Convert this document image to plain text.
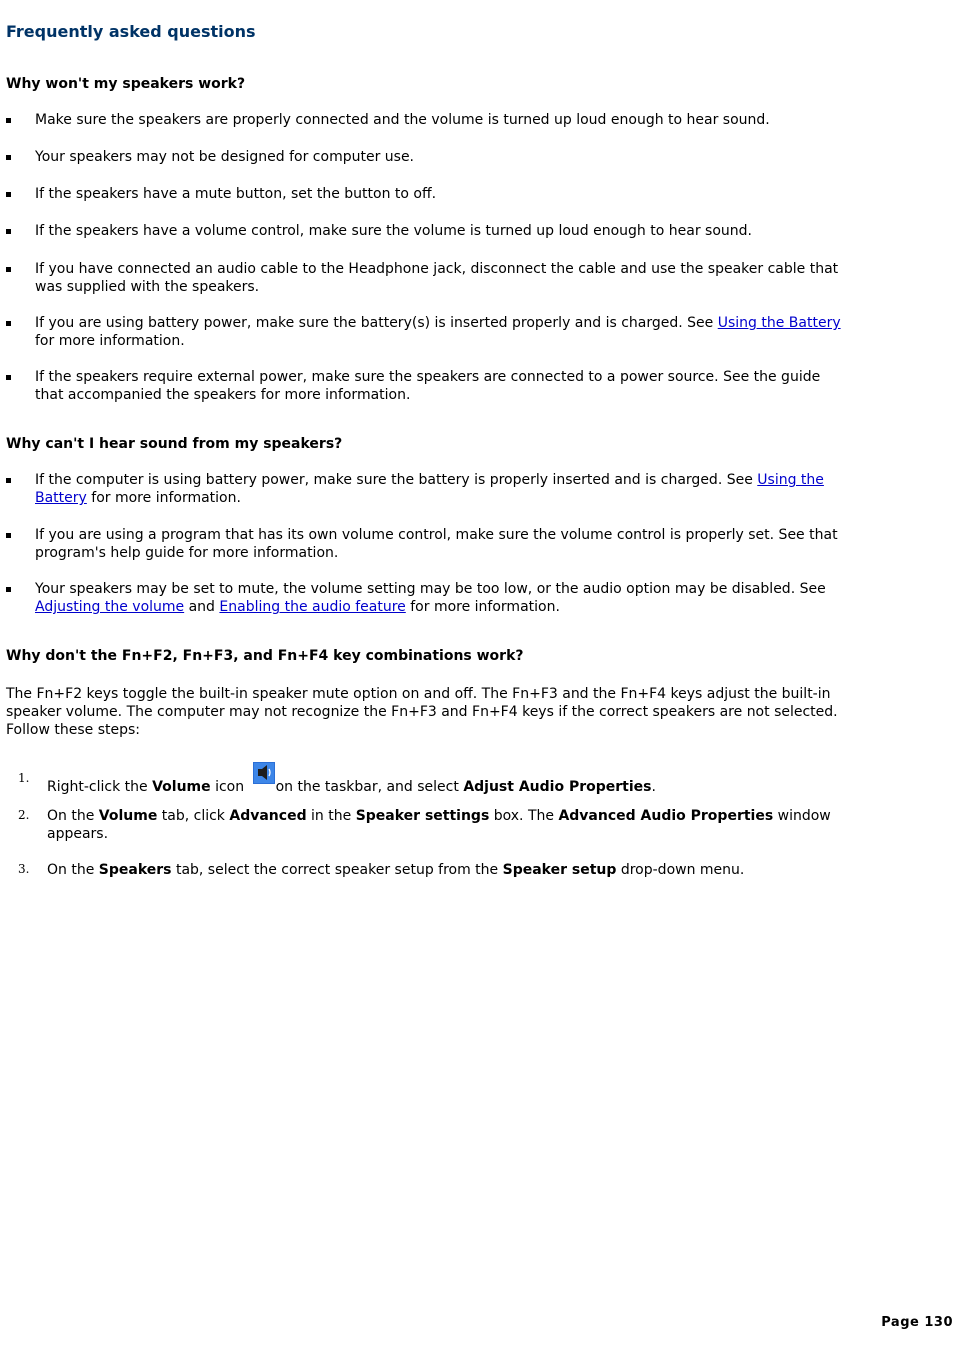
Frequently asked questions
Why won't my speakers work?
Make sure the speakers are properly connected and the volume is turned up loud enough to hear sound.
Your speakers may not be designed for computer use.
If the speakers have a mute button, set the button to off.
If the speakers have a volume control, make sure the volume is turned up loud enough to hear sound.
If you have connected an audio cable to the Headphone jack, disconnect the cable and use the speaker cable that
was supplied with the speakers.
If you are using battery power, make sure the battery(s) is inserted properly and is charged. See Using the Battery
for more information.
If the speakers require external power, make sure the speakers are connected to a power source. See the guide
that accompanied the speakers for more information.
Why can't I hear sound from my speakers?
If the computer is using battery power, make sure the battery is properly inserted and is charged. See Using the
Battery for more information.
If you are using a program that has its own volume control, make sure the volume control is properly set. See that
program's help guide for more information.
Your speakers may be set to mute, the volume setting may be too low, or the audio option may be disabled. See
Adjusting the volume and Enabling the audio feature for more information.
Why don't the Fn+F2, Fn+F3, and Fn+F4 key combinations work?
The Fn+F2 keys toggle the built-in speaker mute option on and off. The Fn+F3 and the Fn+F4 keys adjust the built-in
speaker volume. The computer may not recognize the Fn+F3 and Fn+F4 keys if the correct speakers are not selected.
Follow these steps:
1.
Right-click the Volume icon on the taskbar, and select Adjust Audio Properties.
2. On the Volume tab, click Advanced in the Speaker settings box. The Advanced Audio Properties window
appears.
3. On the Speakers tab, select the correct speaker setup from the Speaker setup drop-down menu.
Page 130
